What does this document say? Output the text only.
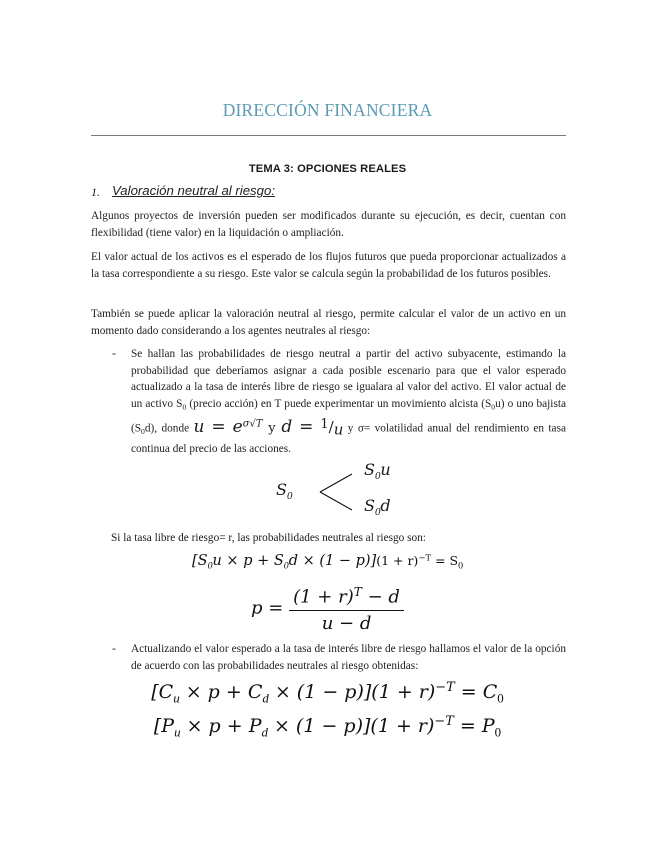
DIRECCIÓN FINANCIERA
TEMA 3: OPCIONES REALES
1. Valoración neutral al riesgo:
Algunos proyectos de inversión pueden ser modificados durante su ejecución, es decir, cuentan con flexibilidad (tiene valor) en la liquidación o ampliación.
El valor actual de los activos es el esperado de los flujos futuros que pueda proporcionar actualizados a la tasa correspondiente a su riesgo. Este valor se calcula según la probabilidad de los futuros posibles.
También se puede aplicar la valoración neutral al riesgo, permite calcular el valor de un activo en un momento dado considerando a los agentes neutrales al riesgo:
- Se hallan las probabilidades de riesgo neutral a partir del activo subyacente, estimando la probabilidad que deberíamos asignar a cada posible escenario para que el valor esperado actualizado a la tasa de interés libre de riesgo se igualara al valor del activo. El valor actual de un activo $S_0$ (precio acción) en T puede experimentar un movimiento alcista $(S_0u)$ o uno bajista $(S_0d)$, donde $u = e^{\sigma√T}$ y d = $^1$/u y σ= volatilidad anual del rendimiento en tasa continua del precio de las acciones.
$S_0$
$S_0u$
$S_0d$
Si la tasa libre de riesgo= r, las probabilidades neutrales al riesgo son:
$[S_0u \times p + S_0d \times (1 - p)](1 + r)^{-T} = S_0$
$p = \frac{(1 + r)^T - d}{u - d}$
- Actualizando el valor esperado a la tasa de interés libre de riesgo hallamos el valor de la opción de acuerdo con las probabilidades neutrales al riesgo obtenidas:
$[C_u \times p + C_d \times (1 - p)](1 + r)^{-T} = C_0$
$[P_u \times p + P_d \times (1 - p)](1 + r)^{-T} = P_0$
